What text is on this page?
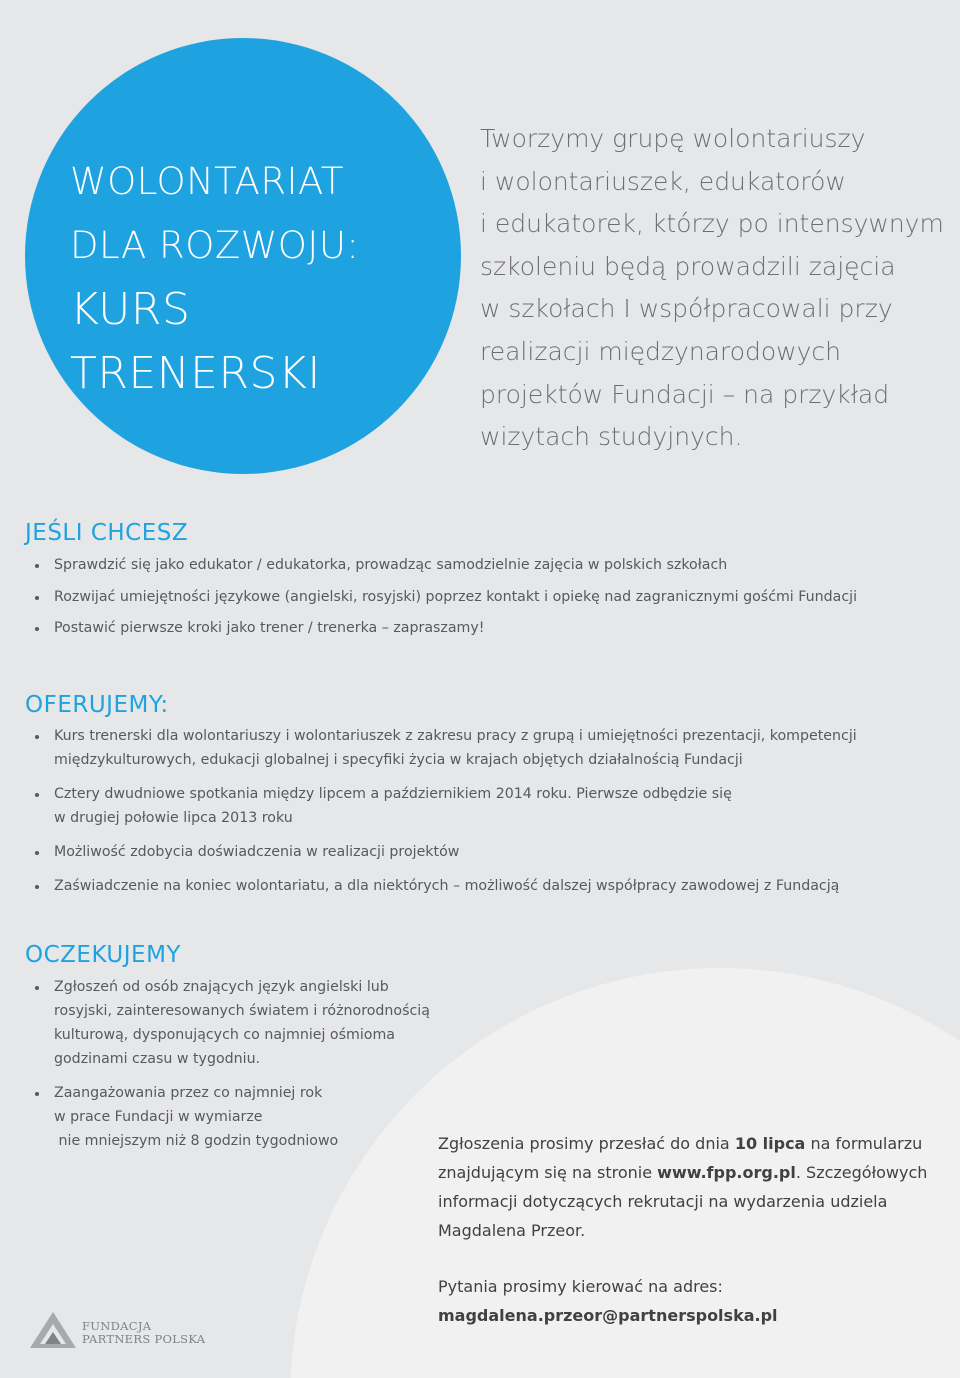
WOLONTARIAT
DLA ROZWOJU:
KURS
TRENERSKI
Tworzymy grupę wolontariuszy
i wolontariuszek, edukatorów
i edukatorek, którzy po intensywnym
szkoleniu będą prowadzili zajęcia
w szkołach I współpracowali przy
realizacji międzynarodowych
projektów Fundacji – na przykład
wizytach studyjnych.
JEŚLI CHCESZ
Sprawdzić się jako edukator / edukatorka, prowadząc samodzielnie zajęcia w polskich szkołach
Rozwijać umiejętności językowe (angielski, rosyjski) poprzez kontakt i opiekę nad zagranicznymi gośćmi Fundacji
Postawić pierwsze kroki jako trener / trenerka – zapraszamy!
OFERUJEMY:
Kurs trenerski dla wolontariuszy i wolontariuszek z zakresu pracy z grupą i umiejętności prezentacji, kompetencji
międzykulturowych, edukacji globalnej i specyfiki życia w krajach objętych działalnością Fundacji
Cztery dwudniowe spotkania między lipcem a październikiem 2014 roku. Pierwsze odbędzie się
w drugiej połowie lipca 2013 roku
Możliwość zdobycia doświadczenia w realizacji projektów
Zaświadczenie na koniec wolontariatu, a dla niektórych – możliwość dalszej współpracy zawodowej z Fundacją
OCZEKUJEMY
Zgłoszeń od osób znających język angielski lub
rosyjski, zainteresowanych światem i różnorodnością
kulturową, dysponujących co najmniej ośmioma
godzinami czasu w tygodniu.
Zaangażowania przez co najmniej rok
w prace Fundacji w wymiarze
nie mniejszym niż 8 godzin tygodniowo	Zgłoszenia prosimy przesłać do dnia 10 lipca na formularzu znajdującym się na stronie www.fpp.org.pl. Szczegółowych informacji dotyczących rekrutacji na wydarzenia udziela Magdalena Przeor.
Pytania prosimy kierować na adres:
magdalena.przeor@partnerspolska.pl
FUNDACJA
PARTNERS POLSKA
